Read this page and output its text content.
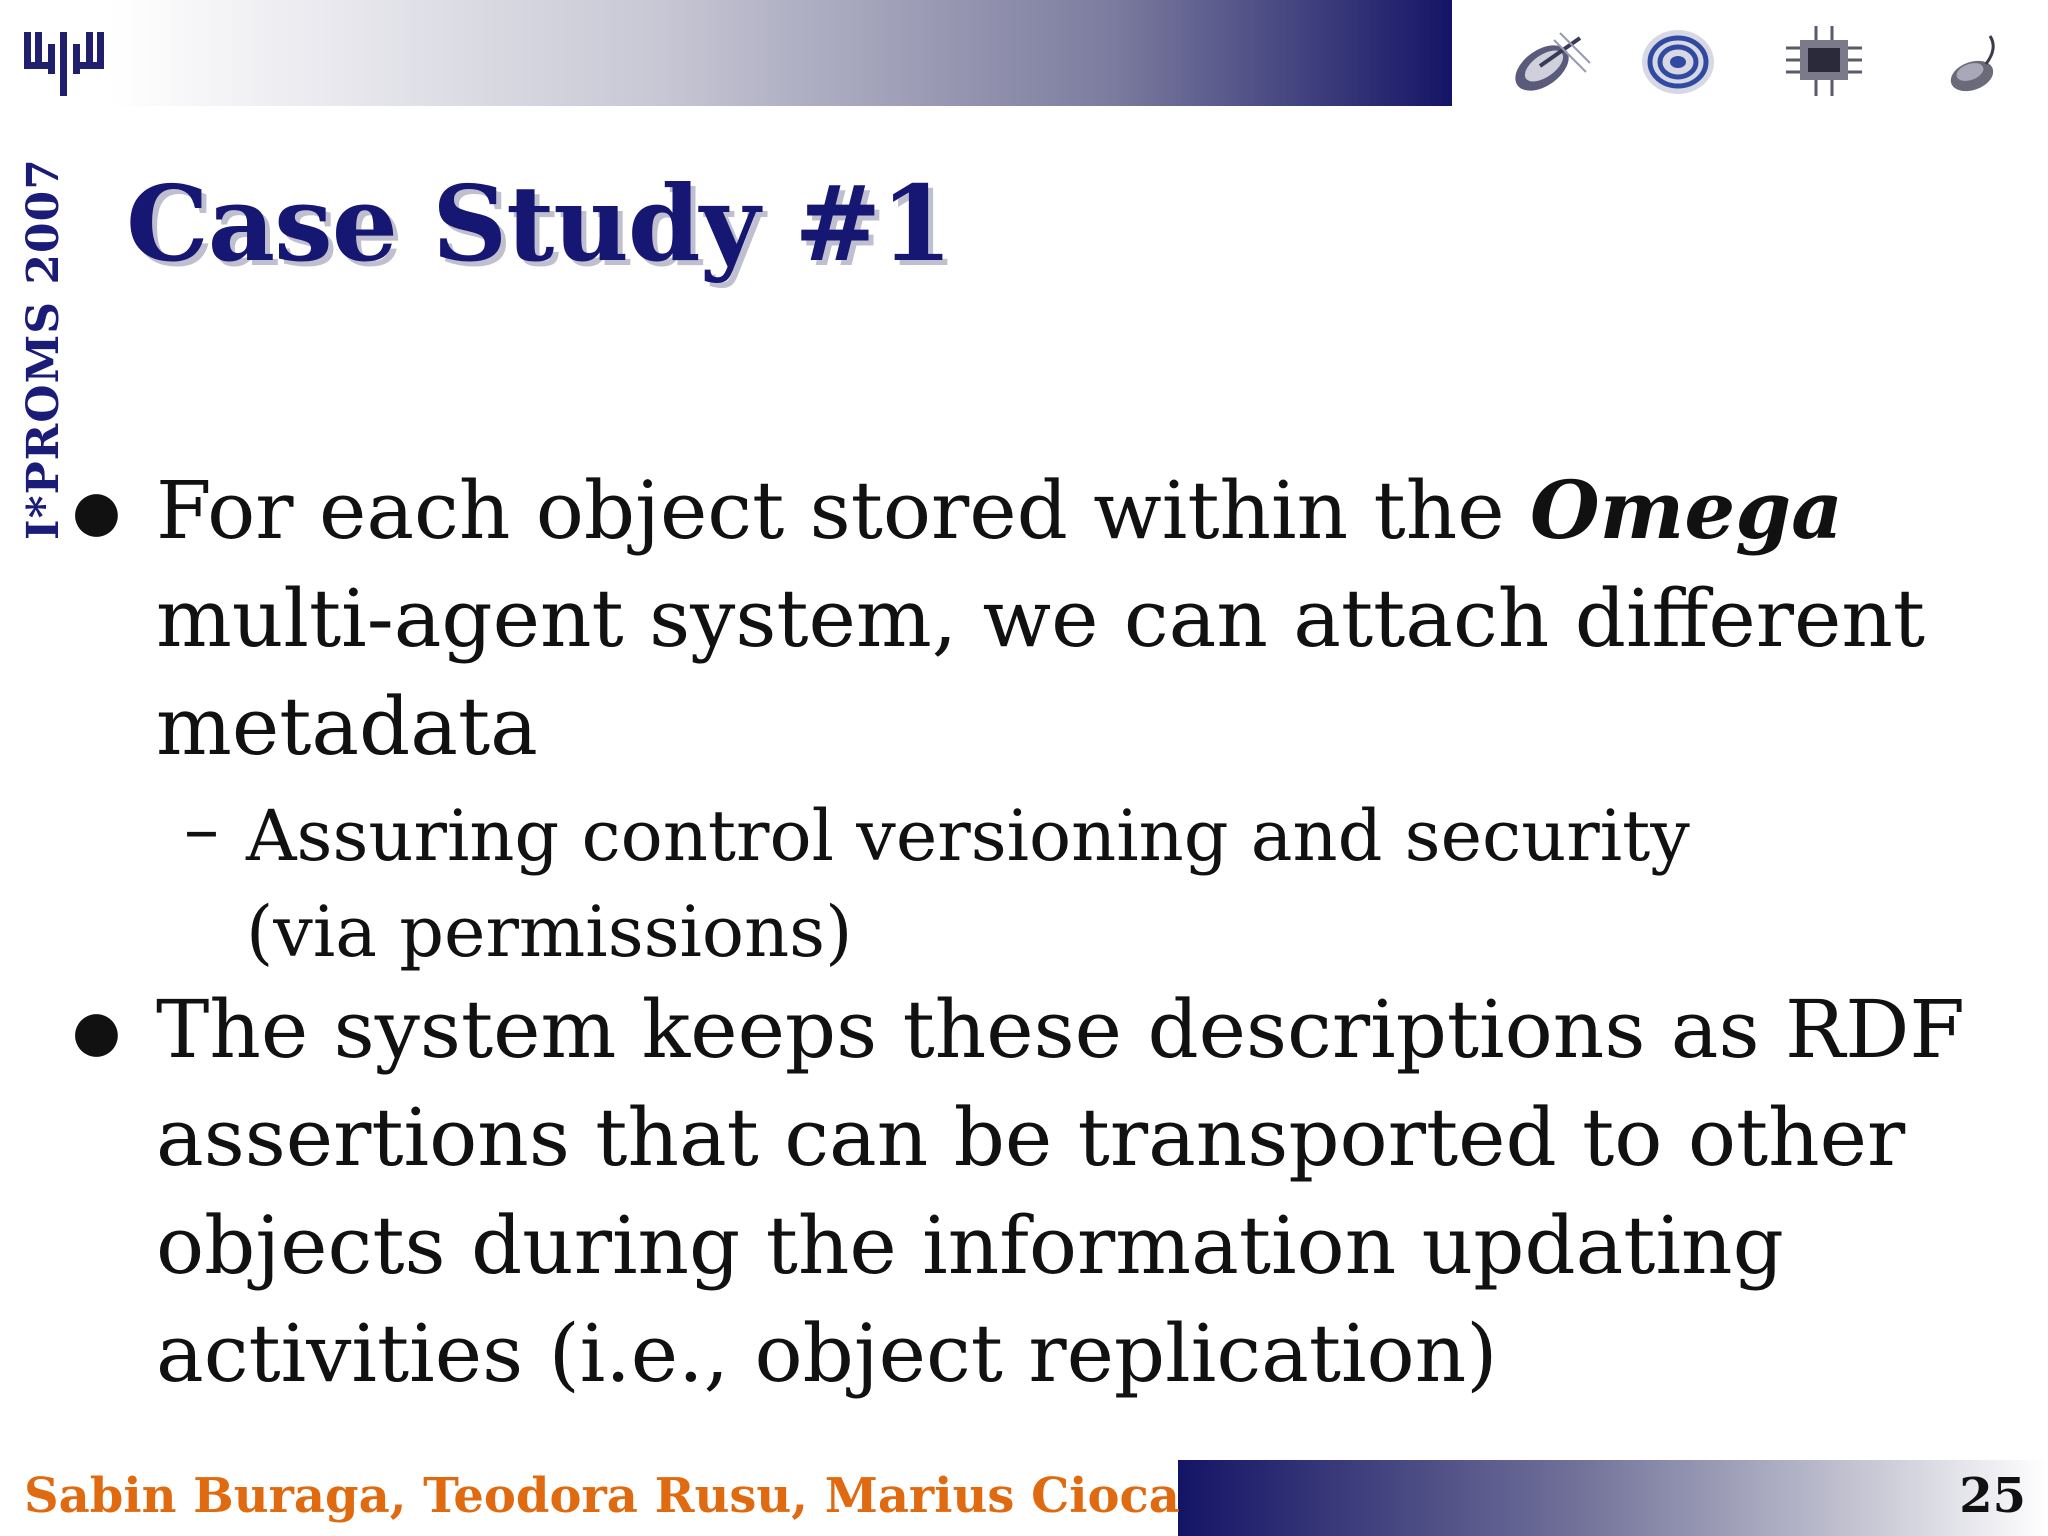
I*PROMS 2007 Case Study #1
● For each object stored within the Omega
multi-agent system, we can attach different
metadata
– Assuring control versioning and security
(via permissions)
● The system keeps these descriptions as RDF
assertions that can be transported to other
objects during the information updating
activities (i.e., object replication)
Sabin Buraga, Teodora Rusu, Marius Cioca	25
